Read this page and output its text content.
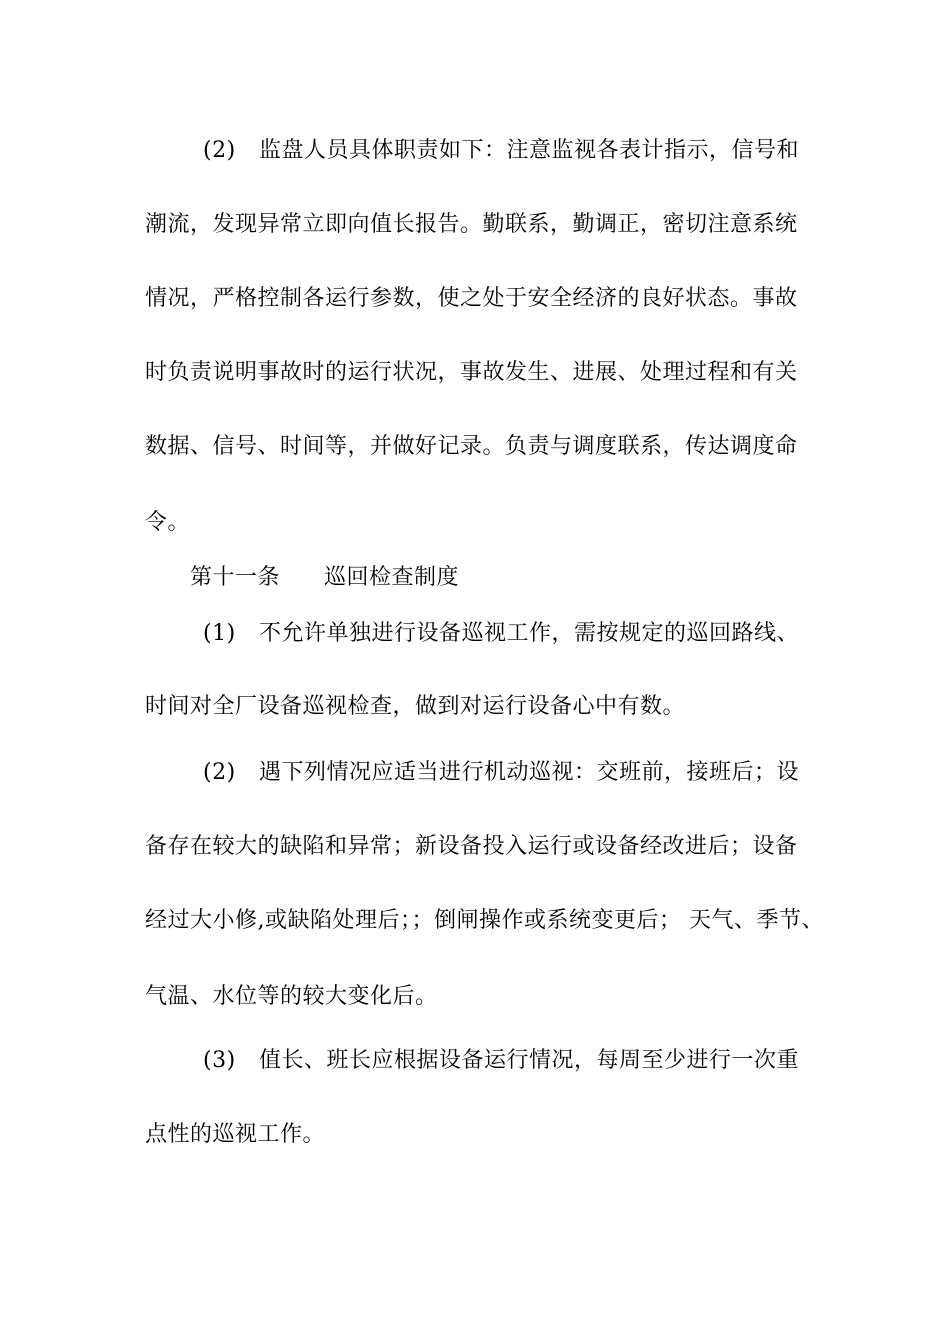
(2) 监盘人员具体职责如下：注意监视各表计指示，信号和
潮流，发现异常立即向值长报告。勤联系，勤调正，密切注意系统
情况，严格控制各运行参数，使之处于安全经济的良好状态。事故
时负责说明事故时的运行状况，事故发生、进展、处理过程和有关
数据、信号、时间等，并做好记录。负责与调度联系，传达调度命
令。
第十一条 巡回检查制度
(1) 不允许单独进行设备巡视工作，需按规定的巡回路线、
时间对全厂设备巡视检查，做到对运行设备心中有数。
(2) 遇下列情况应适当进行机动巡视：交班前，接班后；设
备存在较大的缺陷和异常；新设备投入运行或设备经改进后；设备
经过大小修,或缺陷处理后；；倒闸操作或系统变更后； 天气、季节、
气温、水位等的较大变化后。
(3) 值长、班长应根据设备运行情况，每周至少进行一次重
点性的巡视工作。
